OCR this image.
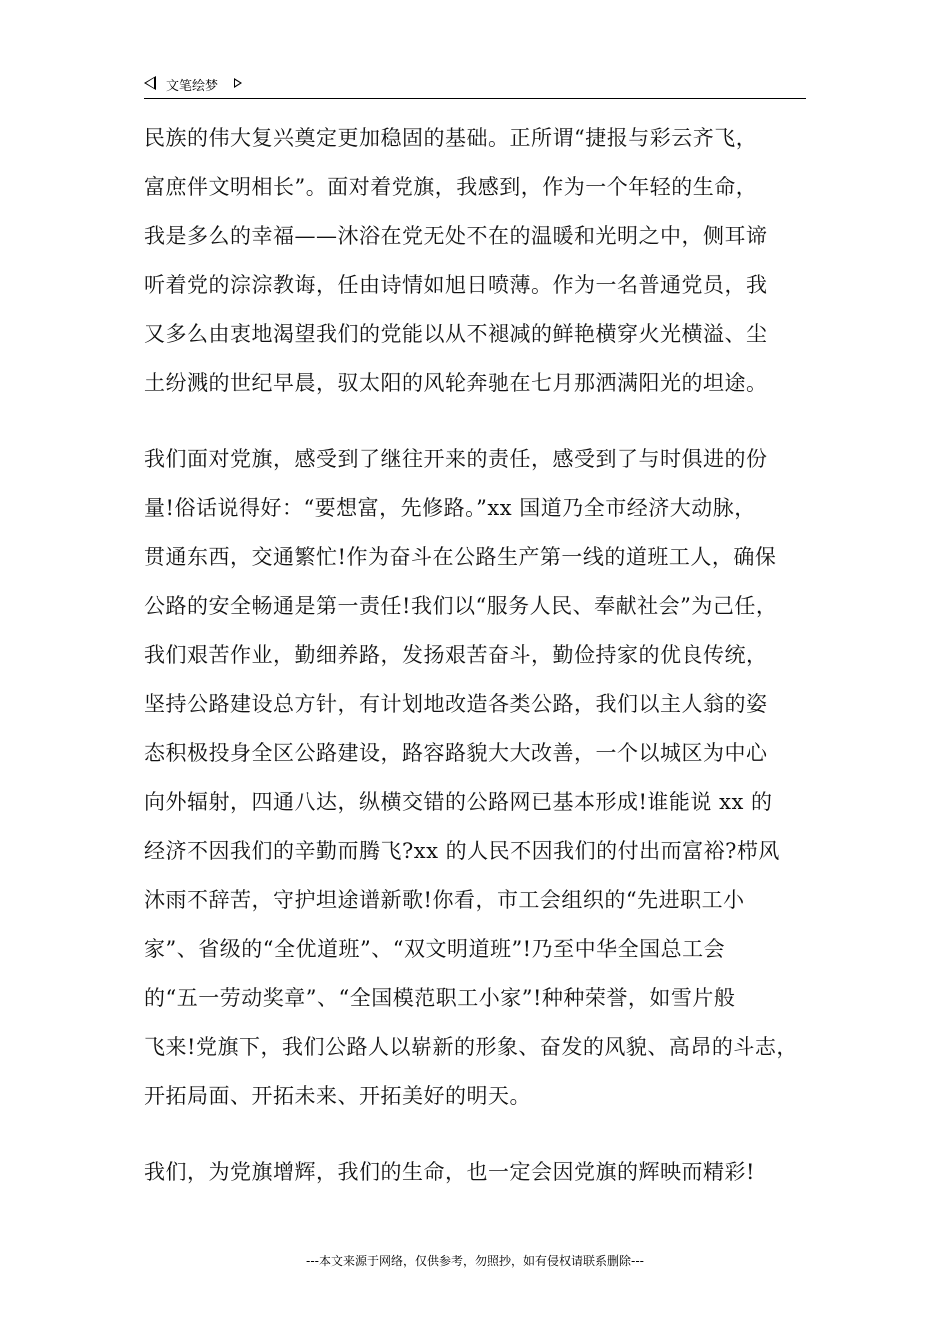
文笔绘梦
民族的伟大复兴奠定更加稳固的基础。正所谓“捷报与彩云齐飞，
富庶伴文明相长”。面对着党旗，我感到，作为一个年轻的生命，
我是多么的幸福——沐浴在党无处不在的温暖和光明之中，侧耳谛
听着党的淙淙教诲，任由诗情如旭日喷薄。作为一名普通党员，我
又多么由衷地渴望我们的党能以从不褪减的鲜艳横穿火光横溢、尘
土纷溅的世纪早晨，驭太阳的风轮奔驰在七月那洒满阳光的坦途。
我们面对党旗，感受到了继往开来的责任，感受到了与时俱进的份
量!俗话说得好：“要想富，先修路。”xx 国道乃全市经济大动脉，
贯通东西，交通繁忙!作为奋斗在公路生产第一线的道班工人，确保
公路的安全畅通是第一责任!我们以“服务人民、奉献社会”为己任，
我们艰苦作业，勤细养路，发扬艰苦奋斗，勤俭持家的优良传统，
坚持公路建设总方针，有计划地改造各类公路，我们以主人翁的姿
态积极投身全区公路建设，路容路貌大大改善，一个以城区为中心
向外辐射，四通八达，纵横交错的公路网已基本形成!谁能说 xx 的
经济不因我们的辛勤而腾飞?xx 的人民不因我们的付出而富裕?栉风
沐雨不辞苦，守护坦途谱新歌!你看，市工会组织的“先进职工小
家”、省级的“全优道班”、“双文明道班”!乃至中华全国总工会
的“五一劳动奖章”、“全国模范职工小家”!种种荣誉，如雪片般
飞来!党旗下，我们公路人以崭新的形象、奋发的风貌、高昂的斗志，
开拓局面、开拓未来、开拓美好的明天。
我们，为党旗增辉，我们的生命，也一定会因党旗的辉映而精彩!
---本文来源于网络，仅供参考，勿照抄，如有侵权请联系删除---
